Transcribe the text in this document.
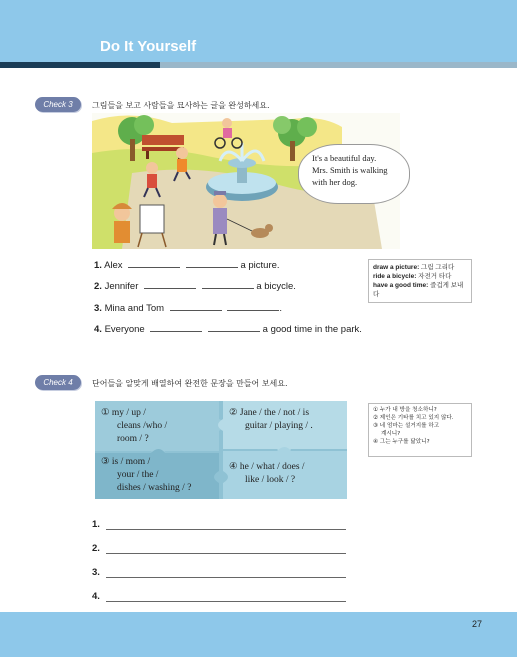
Do It Yourself
Check 3	그림들을 보고 사람들을 묘사하는 글을 완성하세요.
It's a beautiful day.
Mrs. Smith is walking
with her dog.
1. Alex	a picture.
2. Jennifer	a bicycle.
3. Mina and Tom	.
4. Everyone	a good time in the park.
draw a picture: 그림 그리다
ride a bicycle: 자전거 타다
have a good time: 즐겁게 보내다
Check 4	단어들을 알맞게 배열하여 완전한 문장을 만들어 보세요.
① my / up /
cleans /who /
room / ?
② Jane / the / not / is
guitar / playing / .
③ is / mom /
your / the /
dishes / washing / ?
④ he / what / does /
like / look / ?
① 누가 내 방을 청소하니?
② 제인은 기타를 치고 있지 않다.
③ 네 엄마는 설거지를 하고
계시니?
④ 그는 누구를 닮았니?
1.
2.
3.
4.
27
